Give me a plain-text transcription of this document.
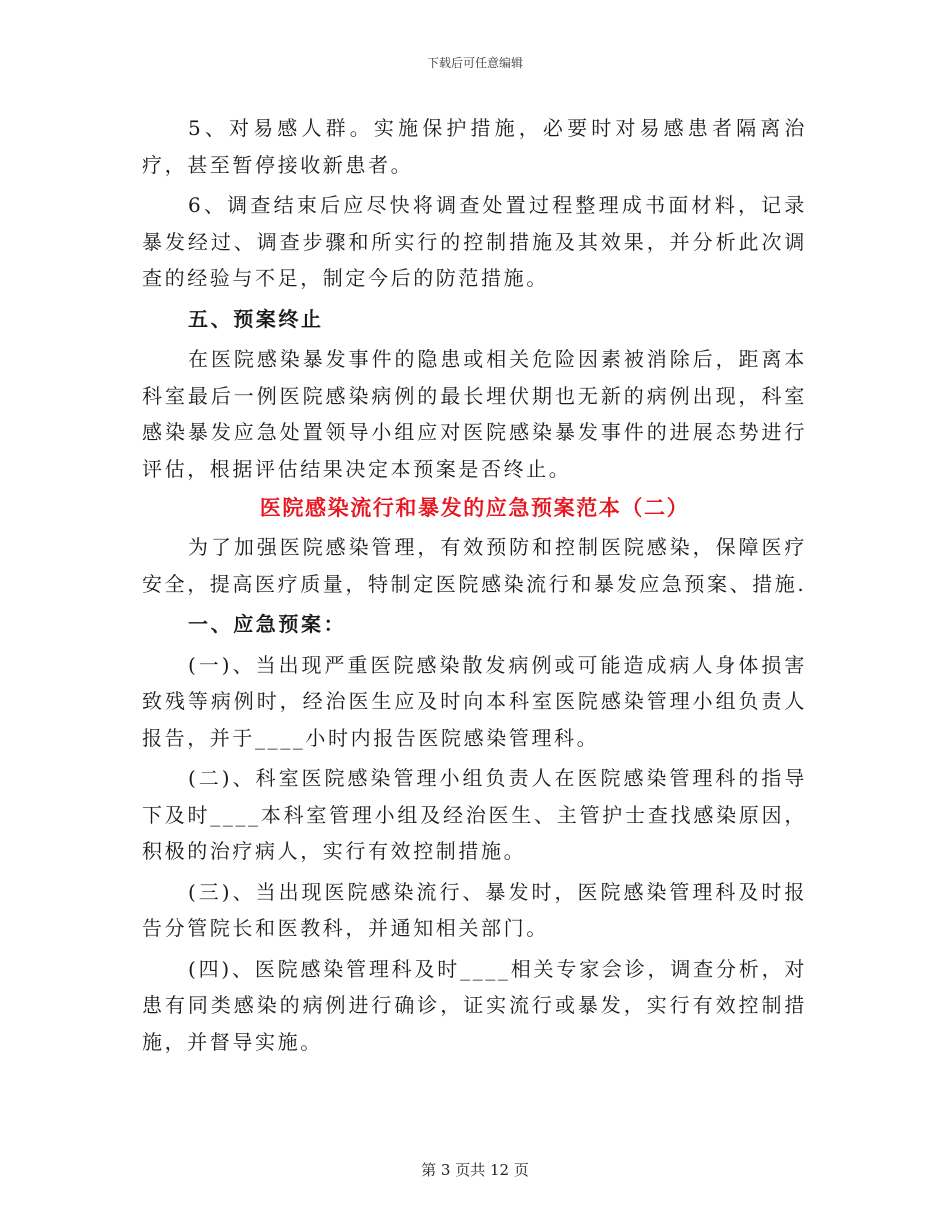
下载后可任意编辑

5、对易感人群。实施保护措施，必要时对易感患者隔离治疗，甚至暂停接收新患者。

6、调查结束后应尽快将调查处置过程整理成书面材料，记录暴发经过、调查步骤和所实行的控制措施及其效果，并分析此次调查的经验与不足，制定今后的防范措施。

五、预案终止

在医院感染暴发事件的隐患或相关危险因素被消除后，距离本科室最后一例医院感染病例的最长埋伏期也无新的病例出现，科室感染暴发应急处置领导小组应对医院感染暴发事件的进展态势进行评估，根据评估结果决定本预案是否终止。

医院感染流行和暴发的应急预案范本（二）

为了加强医院感染管理，有效预防和控制医院感染，保障医疗安全，提高医疗质量，特制定医院感染流行和暴发应急预案、措施.

一、应急预案：

(一)、当出现严重医院感染散发病例或可能造成病人身体损害致残等病例时，经治医生应及时向本科室医院感染管理小组负责人报告，并于____小时内报告医院感染管理科。

(二)、科室医院感染管理小组负责人在医院感染管理科的指导下及时____本科室管理小组及经治医生、主管护士查找感染原因，积极的治疗病人，实行有效控制措施。

(三)、当出现医院感染流行、暴发时，医院感染管理科及时报告分管院长和医教科，并通知相关部门。

(四)、医院感染管理科及时____相关专家会诊，调查分析，对患有同类感染的病例进行确诊，证实流行或暴发，实行有效控制措施，并督导实施。

第 3 页共 12 页
